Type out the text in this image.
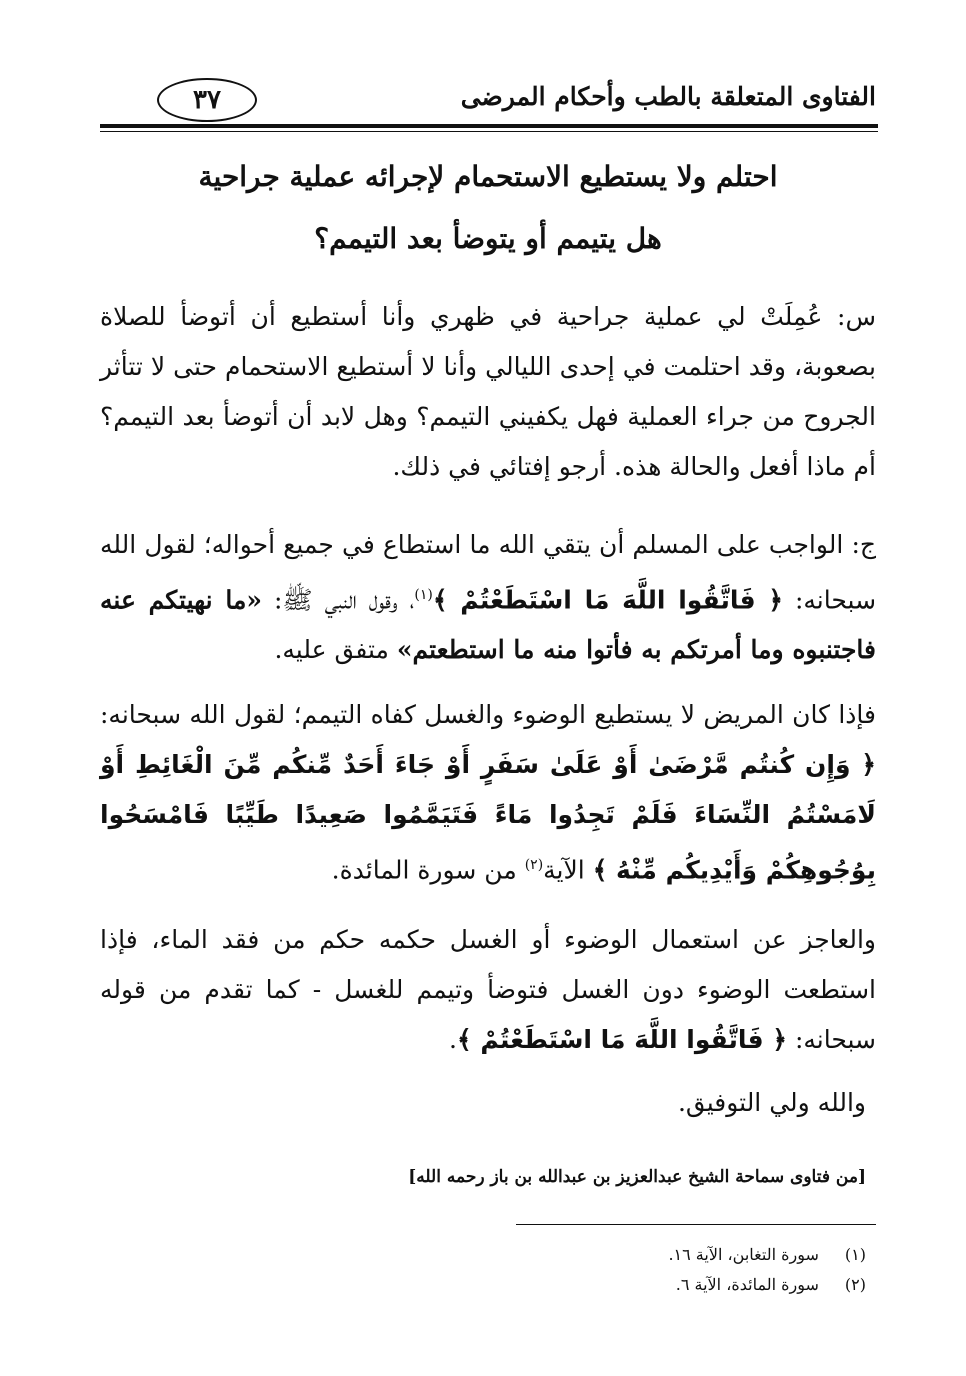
الفتاوى المتعلقة بالطب وأحكام المرضى
٣٧
احتلم ولا يستطيع الاستحمام لإجرائه عملية جراحية
هل يتيمم أو يتوضأ بعد التيمم؟
س: عُمِلَتْ لي عملية جراحية في ظهري وأنا أستطيع أن أتوضأ للصلاة بصعوبة، وقد احتلمت في إحدى الليالي وأنا لا أستطيع الاستحمام حتى لا تتأثر الجروح من جراء العملية فهل يكفيني التيمم؟ وهل لابد أن أتوضأ بعد التيمم؟ أم ماذا أفعل والحالة هذه. أرجو إفتائي في ذلك.
ج: الواجب على المسلم أن يتقي الله ما استطاع في جميع أحواله؛ لقول الله سبحانه: ﴿ فَاتَّقُوا اللَّهَ مَا اسْتَطَعْتُمْ ﴾$^{(١)}$، وقول النبي ﷺ: «ما نهيتكم عنه فاجتنبوه وما أمرتكم به فأتوا منه ما استطعتم» متفق عليه.
فإذا كان المريض لا يستطيع الوضوء والغسل كفاه التيمم؛ لقول الله سبحانه: ﴿ وَإِن كُنتُم مَّرْضَىٰ أَوْ عَلَىٰ سَفَرٍ أَوْ جَاءَ أَحَدٌ مِّنكُم مِّنَ الْغَائِطِ أَوْ لَامَسْتُمُ النِّسَاءَ فَلَمْ تَجِدُوا مَاءً فَتَيَمَّمُوا صَعِيدًا طَيِّبًا فَامْسَحُوا بِوُجُوهِكُمْ وَأَيْدِيكُم مِّنْهُ ﴾ الآية$^{(٢)}$ من سورة المائدة.
والعاجز عن استعمال الوضوء أو الغسل حكمه حكم من فقد الماء، فإذا استطعت الوضوء دون الغسل فتوضأ وتيمم للغسل - كما تقدم من قوله سبحانه: ﴿ فَاتَّقُوا اللَّهَ مَا اسْتَطَعْتُمْ ﴾.
والله ولي التوفيق.
[من فتاوى سماحة الشيخ عبدالعزيز بن عبدالله بن باز رحمه الله]
(١) سورة التغابن، الآية ١٦.
(٢) سورة المائدة، الآية ٦.
